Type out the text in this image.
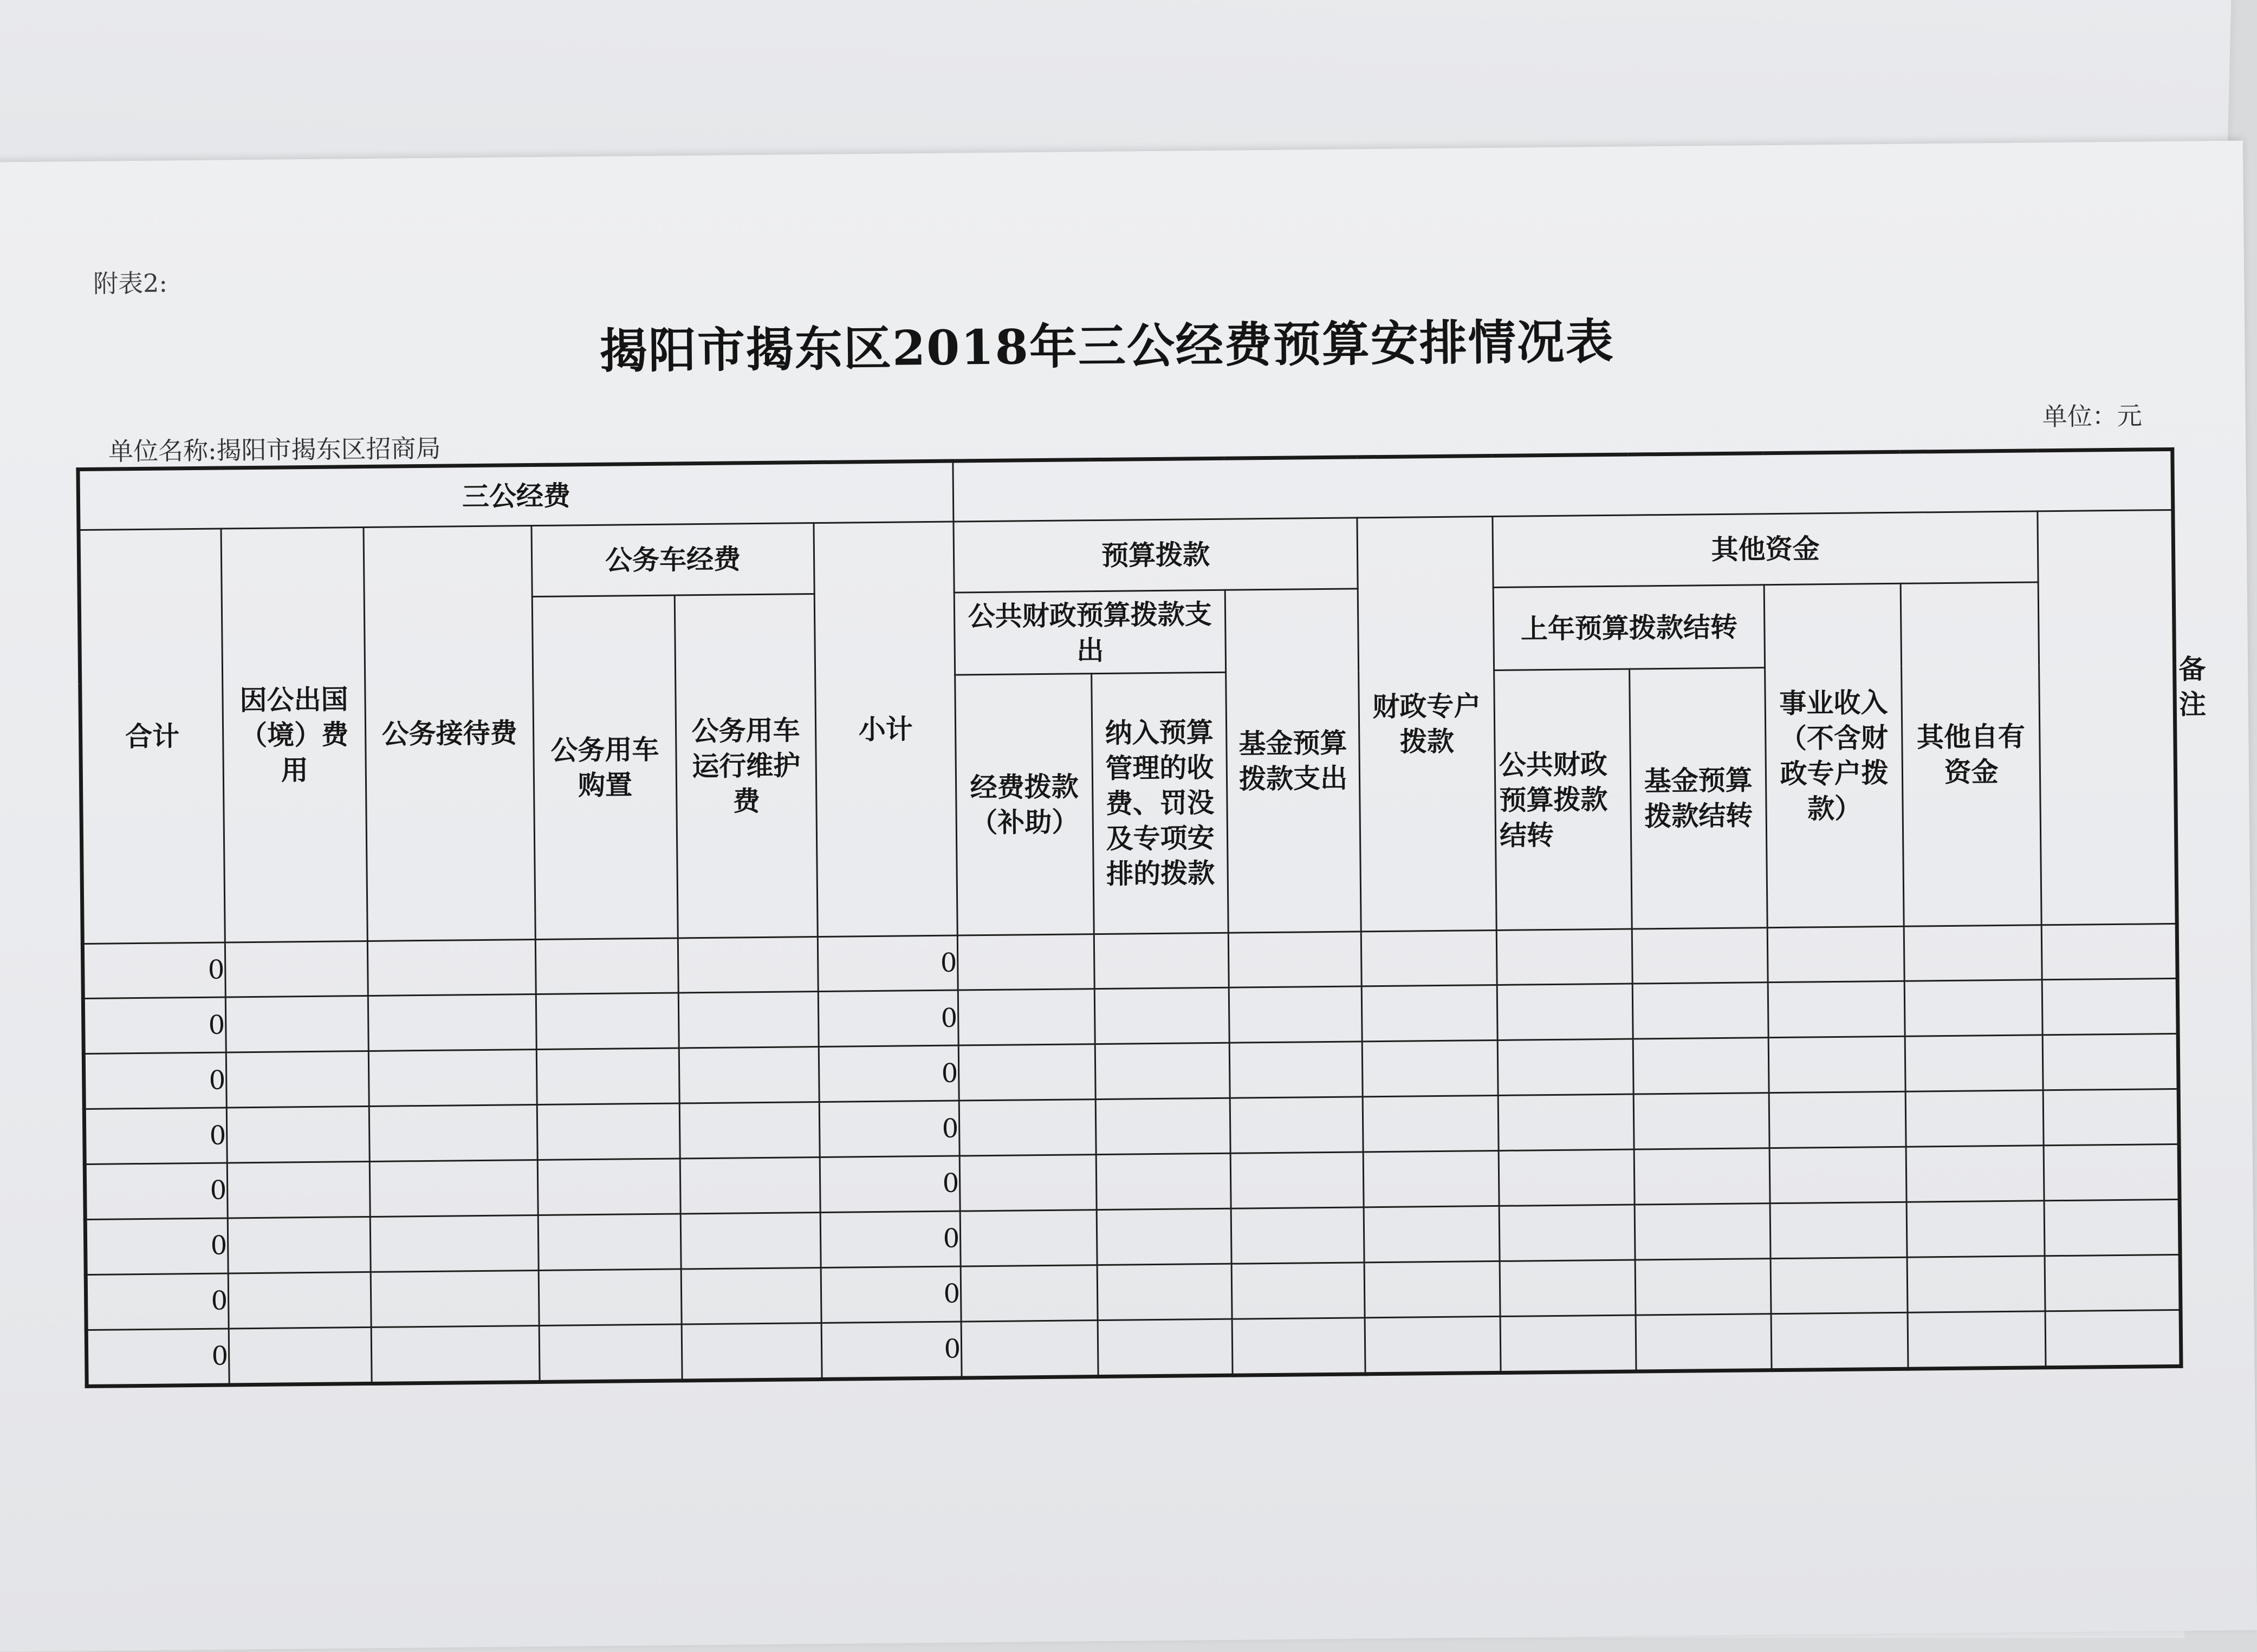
附表2:
揭阳市揭东区2018年三公经费预算安排情况表
单位名称:揭阳市揭东区招商局
单位：元
三公经费															备注
合计	因公出国（境）费用	公务接待费	公务车经费		小计	预算拨款			财政专户拨款	其他资金					
			公务用车购置	公务用车运行维护费		公共财政预算拨款支出		基金预算拨款支出		上年预算拨款结转		事业收入（不含财政专户拨款）	其他自有资金		
						经费拨款（补助）	纳入预算管理的收费、罚没及专项安排的拨款								
										公共财政预算拨款结转	基金预算拨款结转				
0					0										
0					0										
0					0										
0					0										
0					0										
0					0										
0					0										
0					0										
